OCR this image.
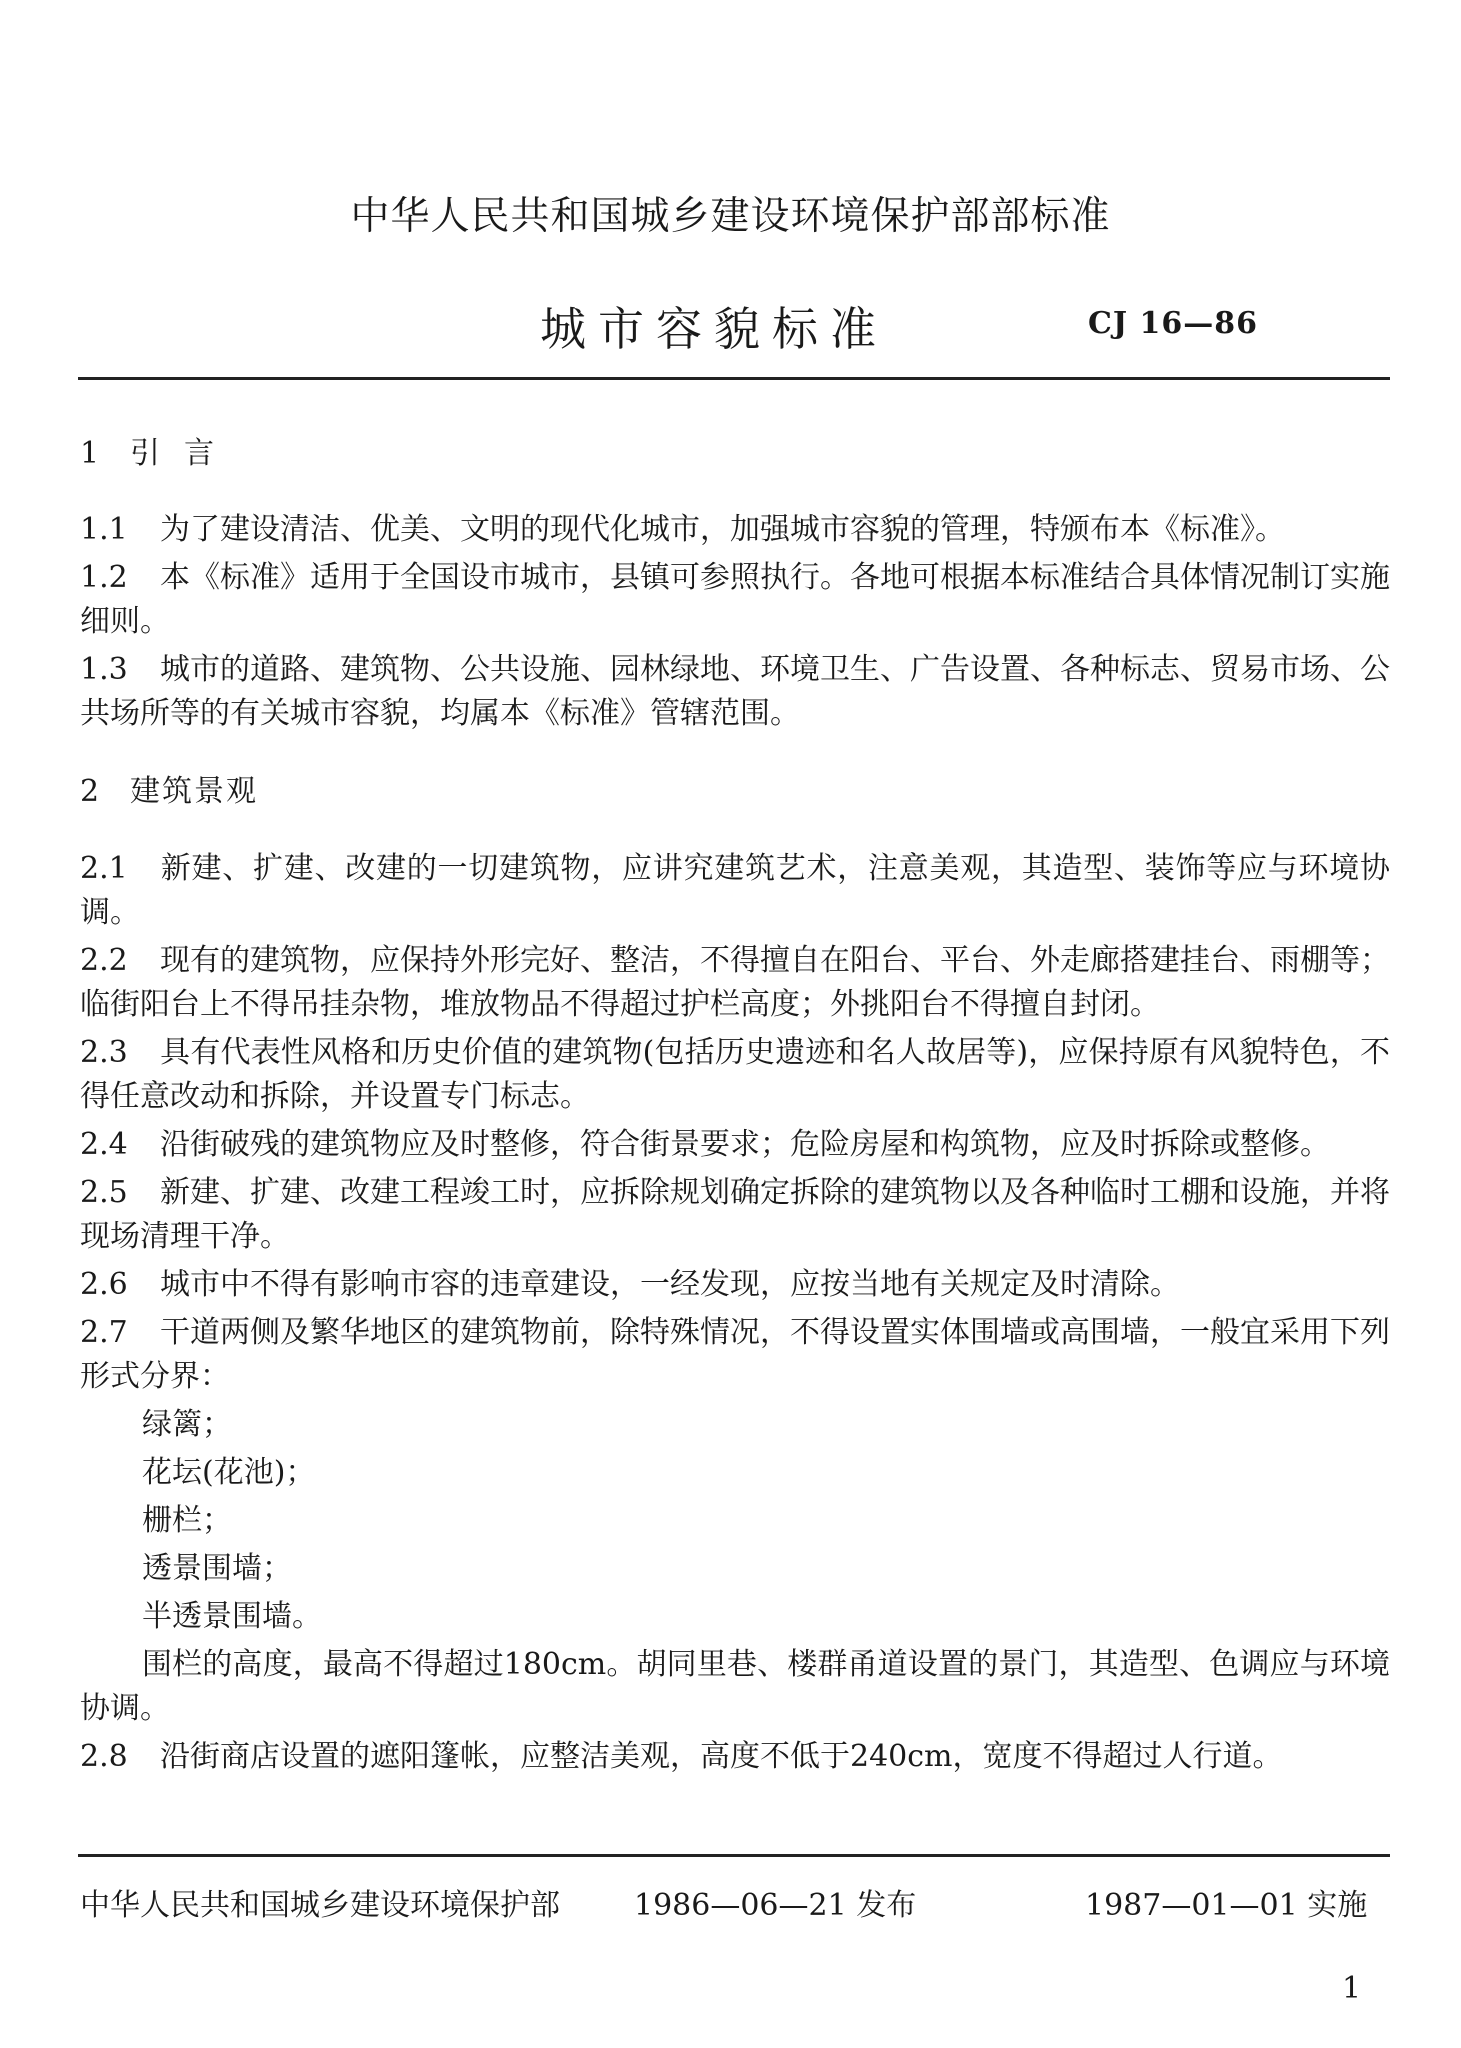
中华人民共和国城乡建设环境保护部部标准
城市容貌标准	CJ 16—86
1 引言

1.1 为了建设清洁、优美、文明的现代化城市，加强城市容貌的管理，特颁布本《标准》。

1.2 本《标准》适用于全国设市城市，县镇可参照执行。各地可根据本标准结合具体情况制订实施细则。

1.3 城市的道路、建筑物、公共设施、园林绿地、环境卫生、广告设置、各种标志、贸易市场、公共场所等的有关城市容貌，均属本《标准》管辖范围。

2 建筑景观

2.1 新建、扩建、改建的一切建筑物，应讲究建筑艺术，注意美观，其造型、装饰等应与环境协调。

2.2 现有的建筑物，应保持外形完好、整洁，不得擅自在阳台、平台、外走廊搭建挂台、雨棚等；临街阳台上不得吊挂杂物，堆放物品不得超过护栏高度；外挑阳台不得擅自封闭。

2.3 具有代表性风格和历史价值的建筑物(包括历史遗迹和名人故居等)，应保持原有风貌特色，不得任意改动和拆除，并设置专门标志。

2.4 沿街破残的建筑物应及时整修，符合街景要求；危险房屋和构筑物，应及时拆除或整修。

2.5 新建、扩建、改建工程竣工时，应拆除规划确定拆除的建筑物以及各种临时工棚和设施，并将现场清理干净。

2.6 城市中不得有影响市容的违章建设，一经发现，应按当地有关规定及时清除。

2.7 干道两侧及繁华地区的建筑物前，除特殊情况，不得设置实体围墙或高围墙，一般宜采用下列形式分界：

绿篱；
花坛(花池)；
栅栏；
透景围墙；
半透景围墙。

围栏的高度，最高不得超过180cm。胡同里巷、楼群甬道设置的景门，其造型、色调应与环境协调。

2.8 沿街商店设置的遮阳篷帐，应整洁美观，高度不低于240cm，宽度不得超过人行道。

中华人民共和国城乡建设环境保护部 1986—06—21 发布	1987—01—01 实施
1
